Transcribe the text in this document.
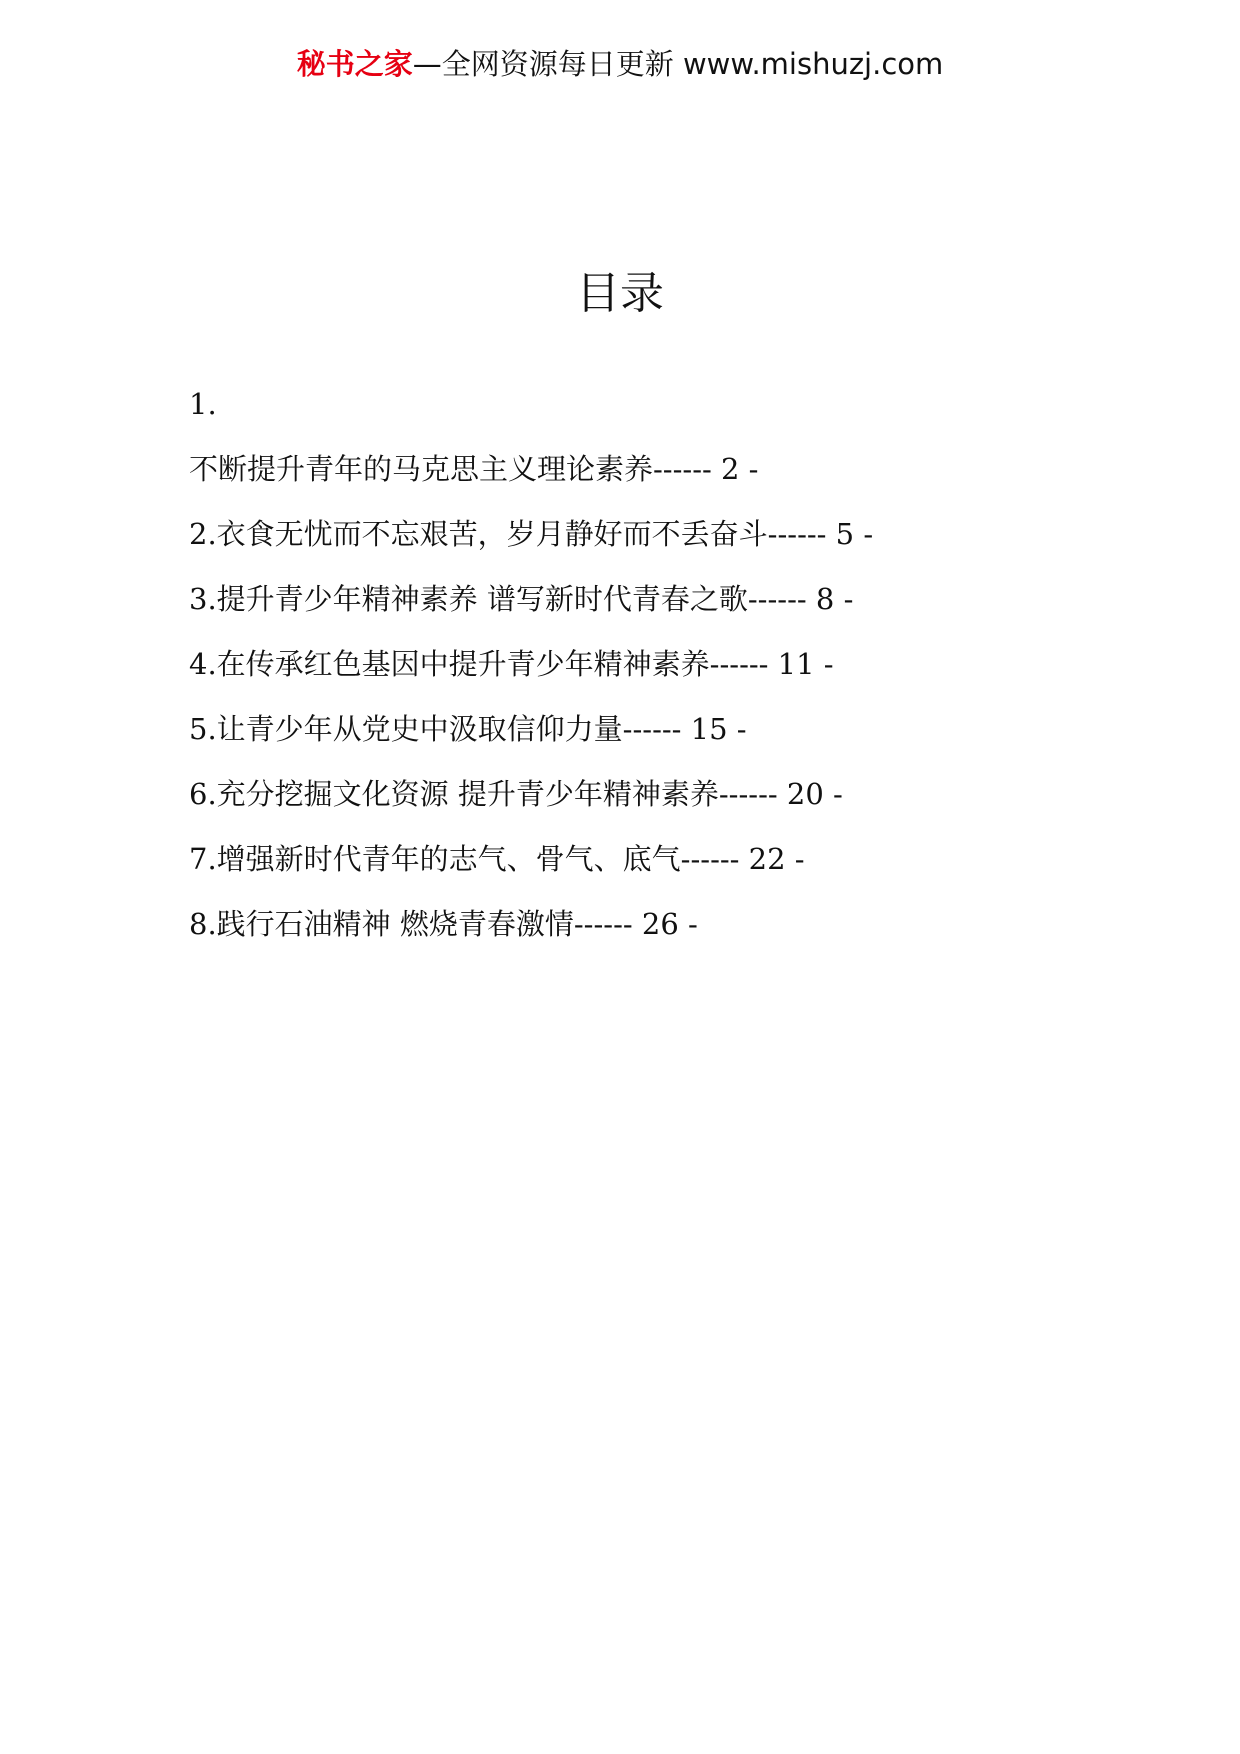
秘书之家—全网资源每日更新 www.mishuzj.com
目录
1.
不断提升青年的马克思主义理论素养------ 2 -
2.衣食无忧而不忘艰苦，岁月静好而不丢奋斗------ 5 -
3.提升青少年精神素养 谱写新时代青春之歌------ 8 -
4.在传承红色基因中提升青少年精神素养------ 11 -
5.让青少年从党史中汲取信仰力量------ 15 -
6.充分挖掘文化资源 提升青少年精神素养------ 20 -
7.增强新时代青年的志气、骨气、底气------ 22 -
8.践行石油精神 燃烧青春激情------ 26 -
